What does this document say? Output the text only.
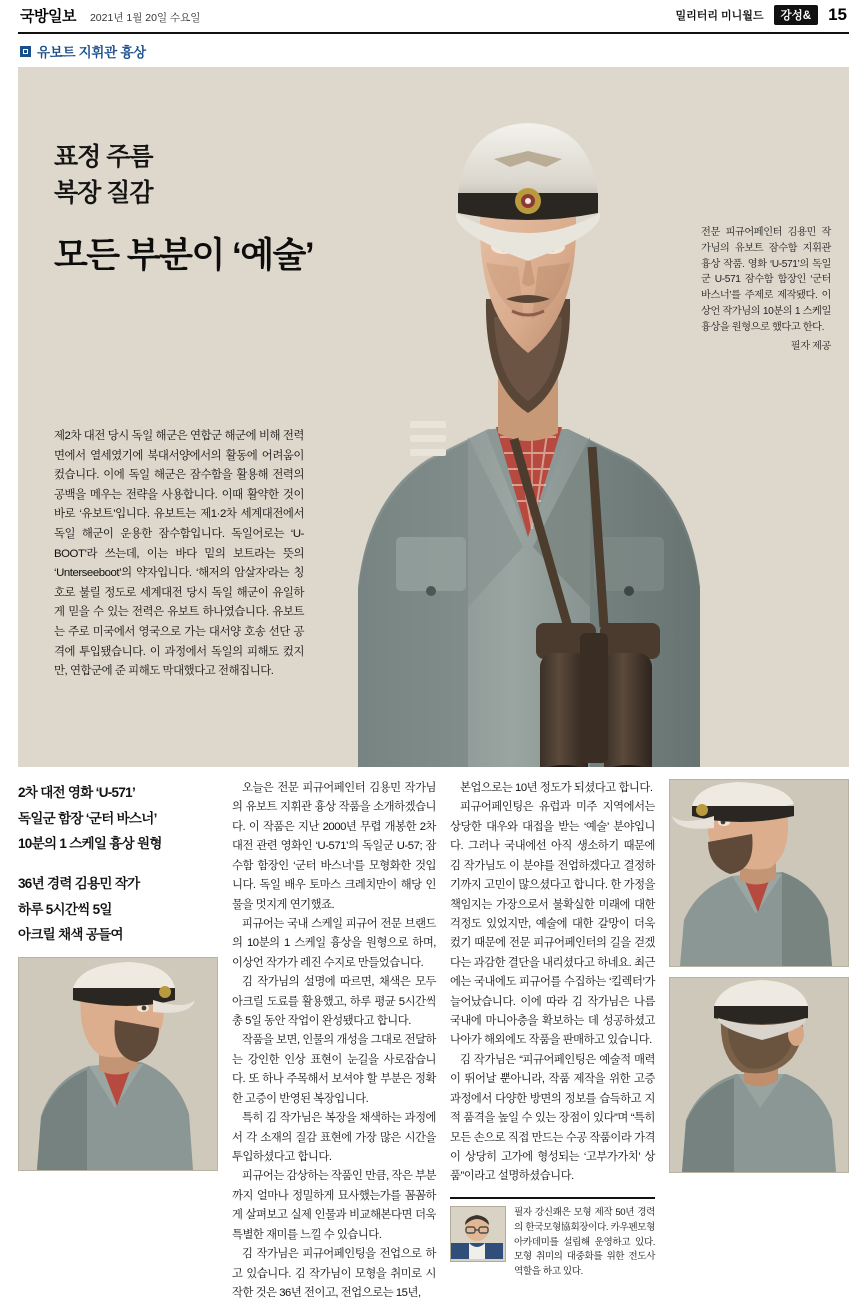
국방일보 2021년 1월 20일 수요일	밀리터리 미니월드	강성&	15
유보트 지휘관 흉상
표정 주름
복장 질감
모든 부분이 ‘예술’
전문 피규어페인터 김용민 작가님의 유보트 잠수함 지휘관 흉상 작품. 영화 ‘U-571’의 독일군 U-571 잠수함 함장인 ‘군터 바스너’를 주제로 제작됐다. 이상언 작가님의 10분의 1 스케일 흉상을 원형으로 했다고 한다.
필자 제공
제2차 대전 당시 독일 해군은 연합군 해군에 비해 전력 면에서 열세였기에 북대서양에서의 활동에 어려움이 컸습니다. 이에 독일 해군은 잠수함을 활용해 전력의 공백을 메우는 전략을 사용합니다. 이때 활약한 것이 바로 ‘유보트’입니다. 유보트는 제1·2차 세계대전에서 독일 해군이 운용한 잠수함입니다. 독일어로는 ‘U-BOOT’라 쓰는데, 이는 바다 밑의 보트라는 뜻의 ‘Unterseeboot’의 약자입니다. ‘해저의 암살자’라는 칭호로 불릴 정도로 세계대전 당시 독일 해군이 유일하게 믿을 수 있는 전력은 유보트 하나였습니다. 유보트는 주로 미국에서 영국으로 가는 대서양 호송 선단 공격에 투입됐습니다. 이 과정에서 독일의 피해도 컸지만, 연합군에 준 피해도 막대했다고 전해집니다.
2차 대전 영화 ‘U-571’
독일군 함장 ‘군터 바스너’
10분의 1 스케일 흉상 원형
36년 경력 김용민 작가
하루 5시간씩 5일
아크릴 채색 공들여

오늘은 전문 피규어페인터 김용민 작가님의 유보트 지휘관 흉상 작품을 소개하겠습니다. 이 작품은 지난 2000년 무렵 개봉한 2차 대전 관련 영화인 ‘U-571’의 독일군 U-57; 잠수함 함장인 ‘군터 바스너’를 모형화한 것입니다. 독일 배우 토마스 크레치만이 해당 인물을 멋지게 연기했죠.

피규어는 국내 스케일 피규어 전문 브랜드의 10분의 1 스케일 흉상을 원형으로 하며, 이상언 작가가 레진 수지로 만들었습니다.

김 작가님의 설명에 따르면, 채색은 모두 아크릴 도료를 활용했고, 하루 평균 5시간씩 총 5일 동안 작업이 완성됐다고 합니다.

작품을 보면, 인물의 개성을 그대로 전달하는 강인한 인상 표현이 눈길을 사로잡습니다. 또 하나 주목해서 보셔야 할 부분은 정확한 고증이 반영된 복장입니다.

특히 김 작가님은 복장을 채색하는 과정에서 각 소재의 질감 표현에 가장 많은 시간을 투입하셨다고 합니다.

피규어는 감상하는 작품인 만큼, 작은 부분까지 얼마나 정밀하게 묘사했는가를 꼼꼼하게 살펴보고 실제 인물과 비교해본다면 더욱 특별한 재미를 느낄 수 있습니다.

김 작가님은 피규어페인팅을 전업으로 하고 있습니다. 김 작가님이 모형을 취미로 시작한 것은 36년 전이고, 전업으로는 15년,

본업으로는 10년 정도가 되셨다고 합니다.

피규어페인팅은 유럽과 미주 지역에서는 상당한 대우와 대접을 받는 ‘예술’ 분야입니다. 그러나 국내에선 아직 생소하기 때문에 김 작가님도 이 분야를 전업하겠다고 결정하기까지 고민이 많으셨다고 합니다. 한 가정을 책임지는 가장으로서 불확실한 미래에 대한 걱정도 있었지만, 예술에 대한 갈망이 더욱 컸기 때문에 전문 피규어페인터의 길을 걷겠다는 과감한 결단을 내리셨다고 하네요. 최근에는 국내에도 피규어를 수집하는 ‘킬렉터’가 늘어났습니다. 이에 따라 김 작가님은 나름 국내에 마니아층을 확보하는 데 성공하셨고 나아가 해외에도 작품을 판매하고 있습니다.

김 작가님은 “피규어페인팅은 예술적 매력이 뛰어날 뿐아니라, 작품 제작을 위한 고증 과정에서 다양한 방면의 정보를 습득하고 지적 품격을 높일 수 있는 장점이 있다”며 “특히 모든 손으로 직접 만드는 수공 작품이라 가격이 상당히 고가에 형성되는 ‘고부가가치’ 상품”이라고 설명하셨습니다.

필자 강신쾌은 모형 제작 50년 경력의 한국모형協회장이다. 카우펜모형아카데미를 설립해 운영하고 있다. 모형 취미의 대중화를 위한 전도사 역할을 하고 있다.
